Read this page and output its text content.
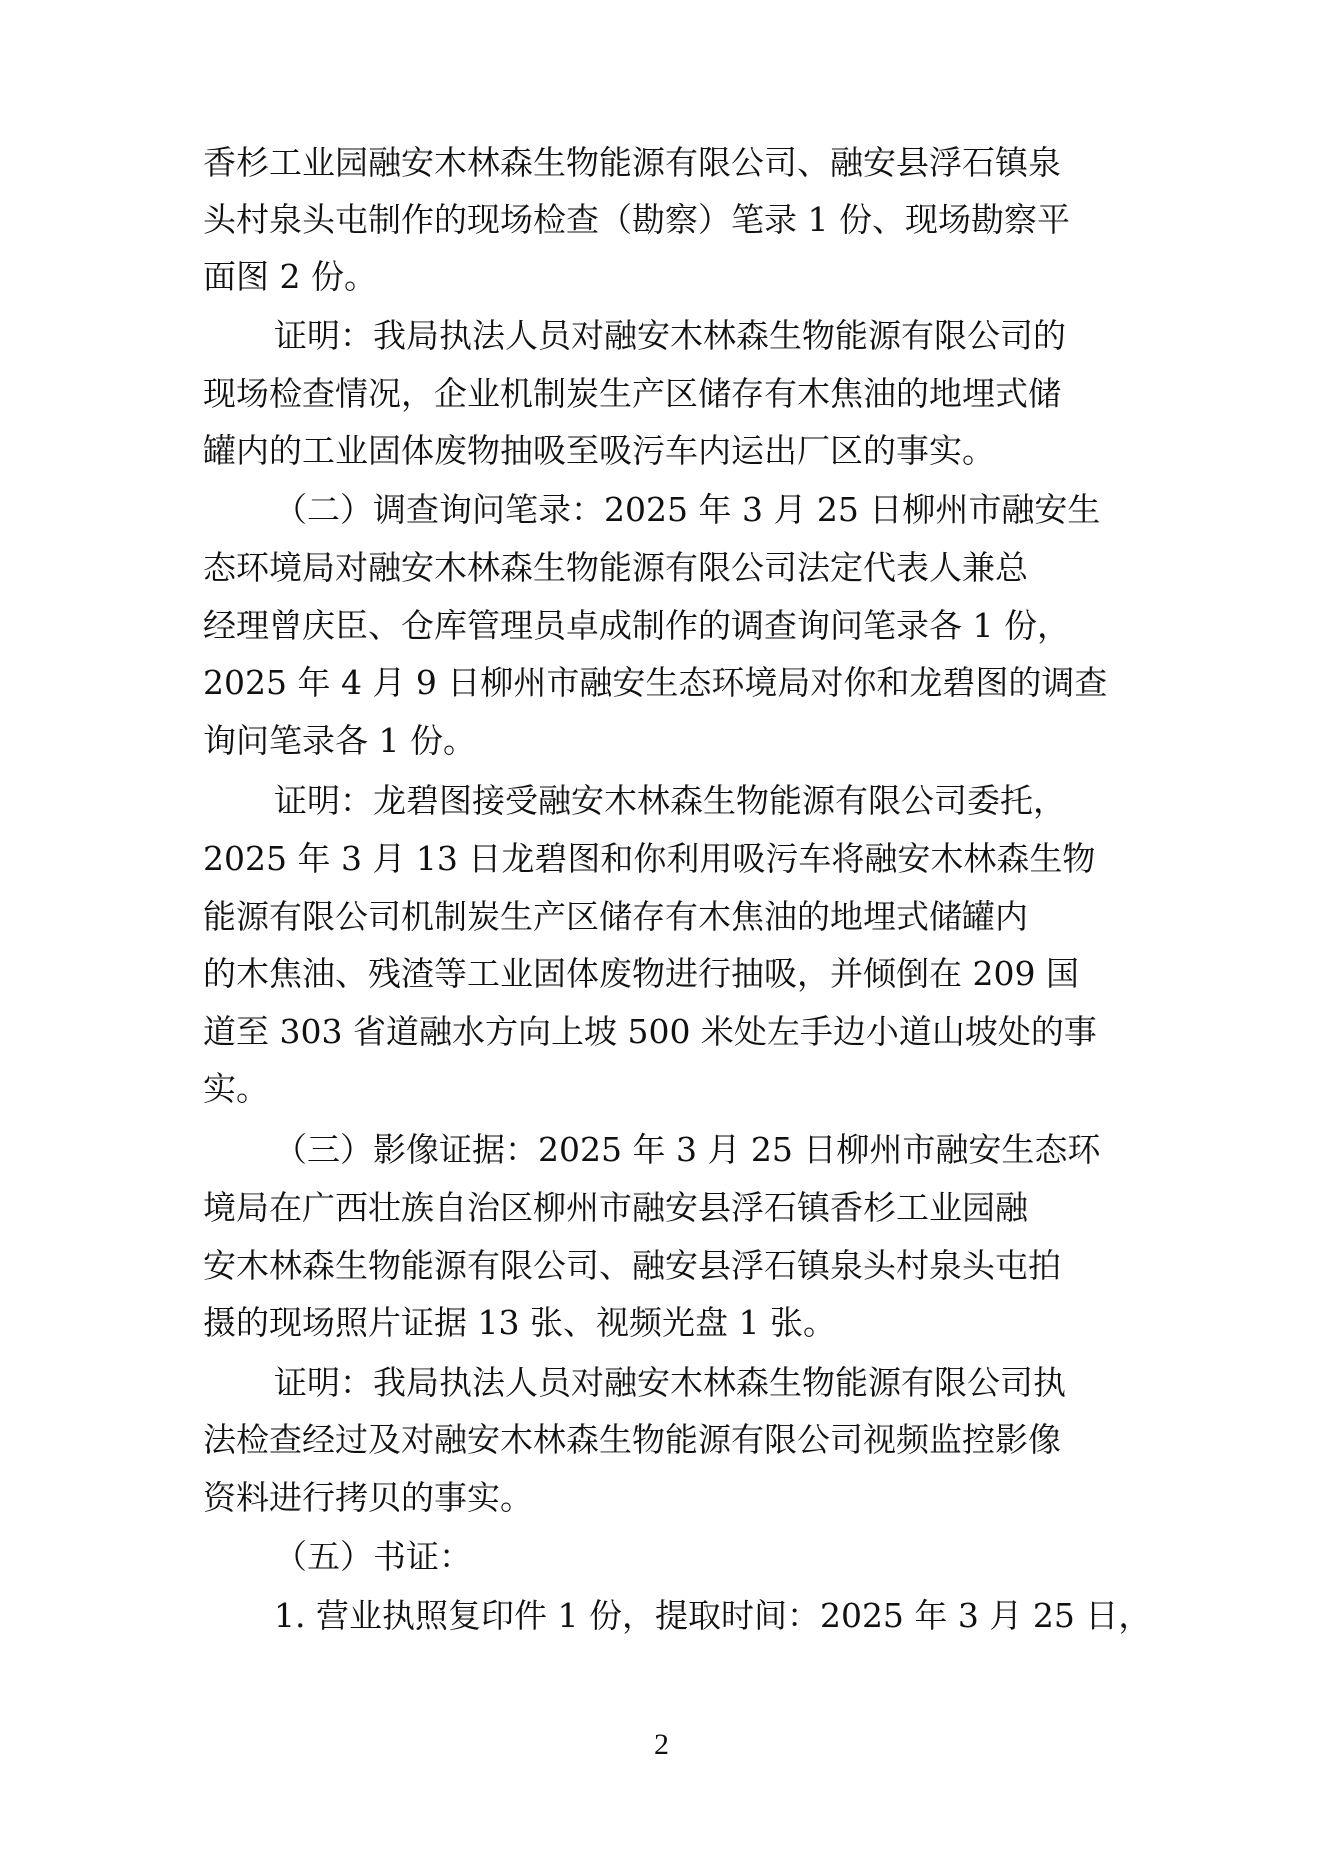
香杉工业园融安木林森生物能源有限公司、融安县浮石镇泉
头村泉头屯制作的现场检查（勘察）笔录 1 份、现场勘察平
面图 2 份。
证明：我局执法人员对融安木林森生物能源有限公司的
现场检查情况，企业机制炭生产区储存有木焦油的地埋式储
罐内的工业固体废物抽吸至吸污车内运出厂区的事实。
（二）调查询问笔录：2025 年 3 月 25 日柳州市融安生
态环境局对融安木林森生物能源有限公司法定代表人兼总
经理曾庆臣、仓库管理员卓成制作的调查询问笔录各 1 份，
2025 年 4 月 9 日柳州市融安生态环境局对你和龙碧图的调查
询问笔录各 1 份。
证明：龙碧图接受融安木林森生物能源有限公司委托，
2025 年 3 月 13 日龙碧图和你利用吸污车将融安木林森生物
能源有限公司机制炭生产区储存有木焦油的地埋式储罐内
的木焦油、残渣等工业固体废物进行抽吸，并倾倒在 209 国
道至 303 省道融水方向上坡 500 米处左手边小道山坡处的事
实。
（三）影像证据：2025 年 3 月 25 日柳州市融安生态环
境局在广西壮族自治区柳州市融安县浮石镇香杉工业园融
安木林森生物能源有限公司、融安县浮石镇泉头村泉头屯拍
摄的现场照片证据 13 张、视频光盘 1 张。
证明：我局执法人员对融安木林森生物能源有限公司执
法检查经过及对融安木林森生物能源有限公司视频监控影像
资料进行拷贝的事实。
（五）书证：
1. 营业执照复印件 1 份，提取时间：2025 年 3 月 25 日，
2
